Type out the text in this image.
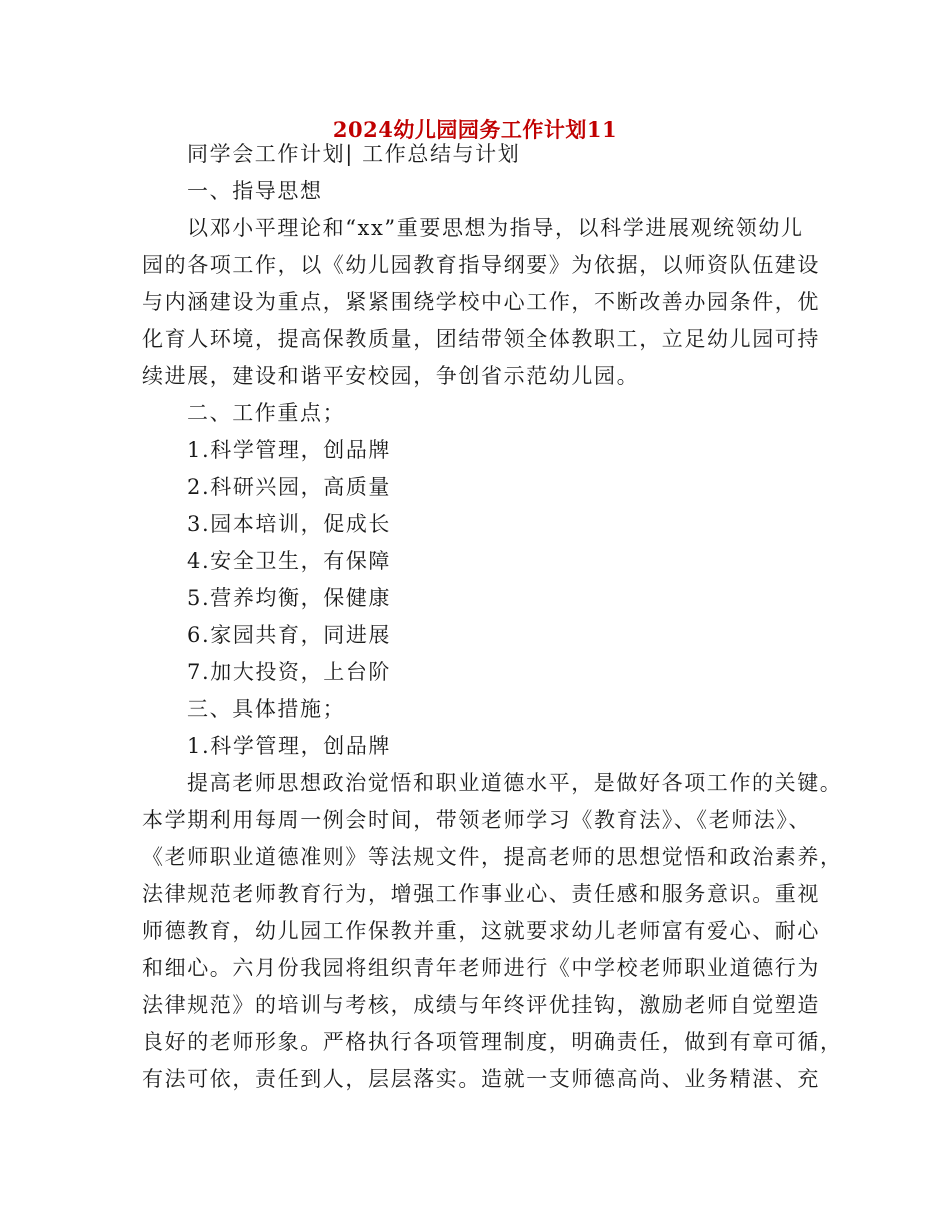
2024幼儿园园务工作计划11
同学会工作计划| 工作总结与计划
一、指导思想
以邓小平理论和“xx”重要思想为指导，以科学进展观统领幼儿
园的各项工作，以《幼儿园教育指导纲要》为依据，以师资队伍建设
与内涵建设为重点，紧紧围绕学校中心工作，不断改善办园条件，优
化育人环境，提高保教质量，团结带领全体教职工，立足幼儿园可持
续进展，建设和谐平安校园，争创省示范幼儿园。
二、工作重点；
1.科学管理，创品牌
2.科研兴园，高质量
3.园本培训，促成长
4.安全卫生，有保障
5.营养均衡，保健康
6.家园共育，同进展
7.加大投资，上台阶
三、具体措施；
1.科学管理，创品牌
提高老师思想政治觉悟和职业道德水平，是做好各项工作的关键。
本学期利用每周一例会时间，带领老师学习《教育法》、《老师法》、
《老师职业道德准则》等法规文件，提高老师的思想觉悟和政治素养，
法律规范老师教育行为，增强工作事业心、责任感和服务意识。重视
师德教育，幼儿园工作保教并重，这就要求幼儿老师富有爱心、耐心
和细心。六月份我园将组织青年老师进行《中学校老师职业道德行为
法律规范》的培训与考核，成绩与年终评优挂钩，激励老师自觉塑造
良好的老师形象。严格执行各项管理制度，明确责任，做到有章可循，
有法可依，责任到人，层层落实。造就一支师德高尚、业务精湛、充
